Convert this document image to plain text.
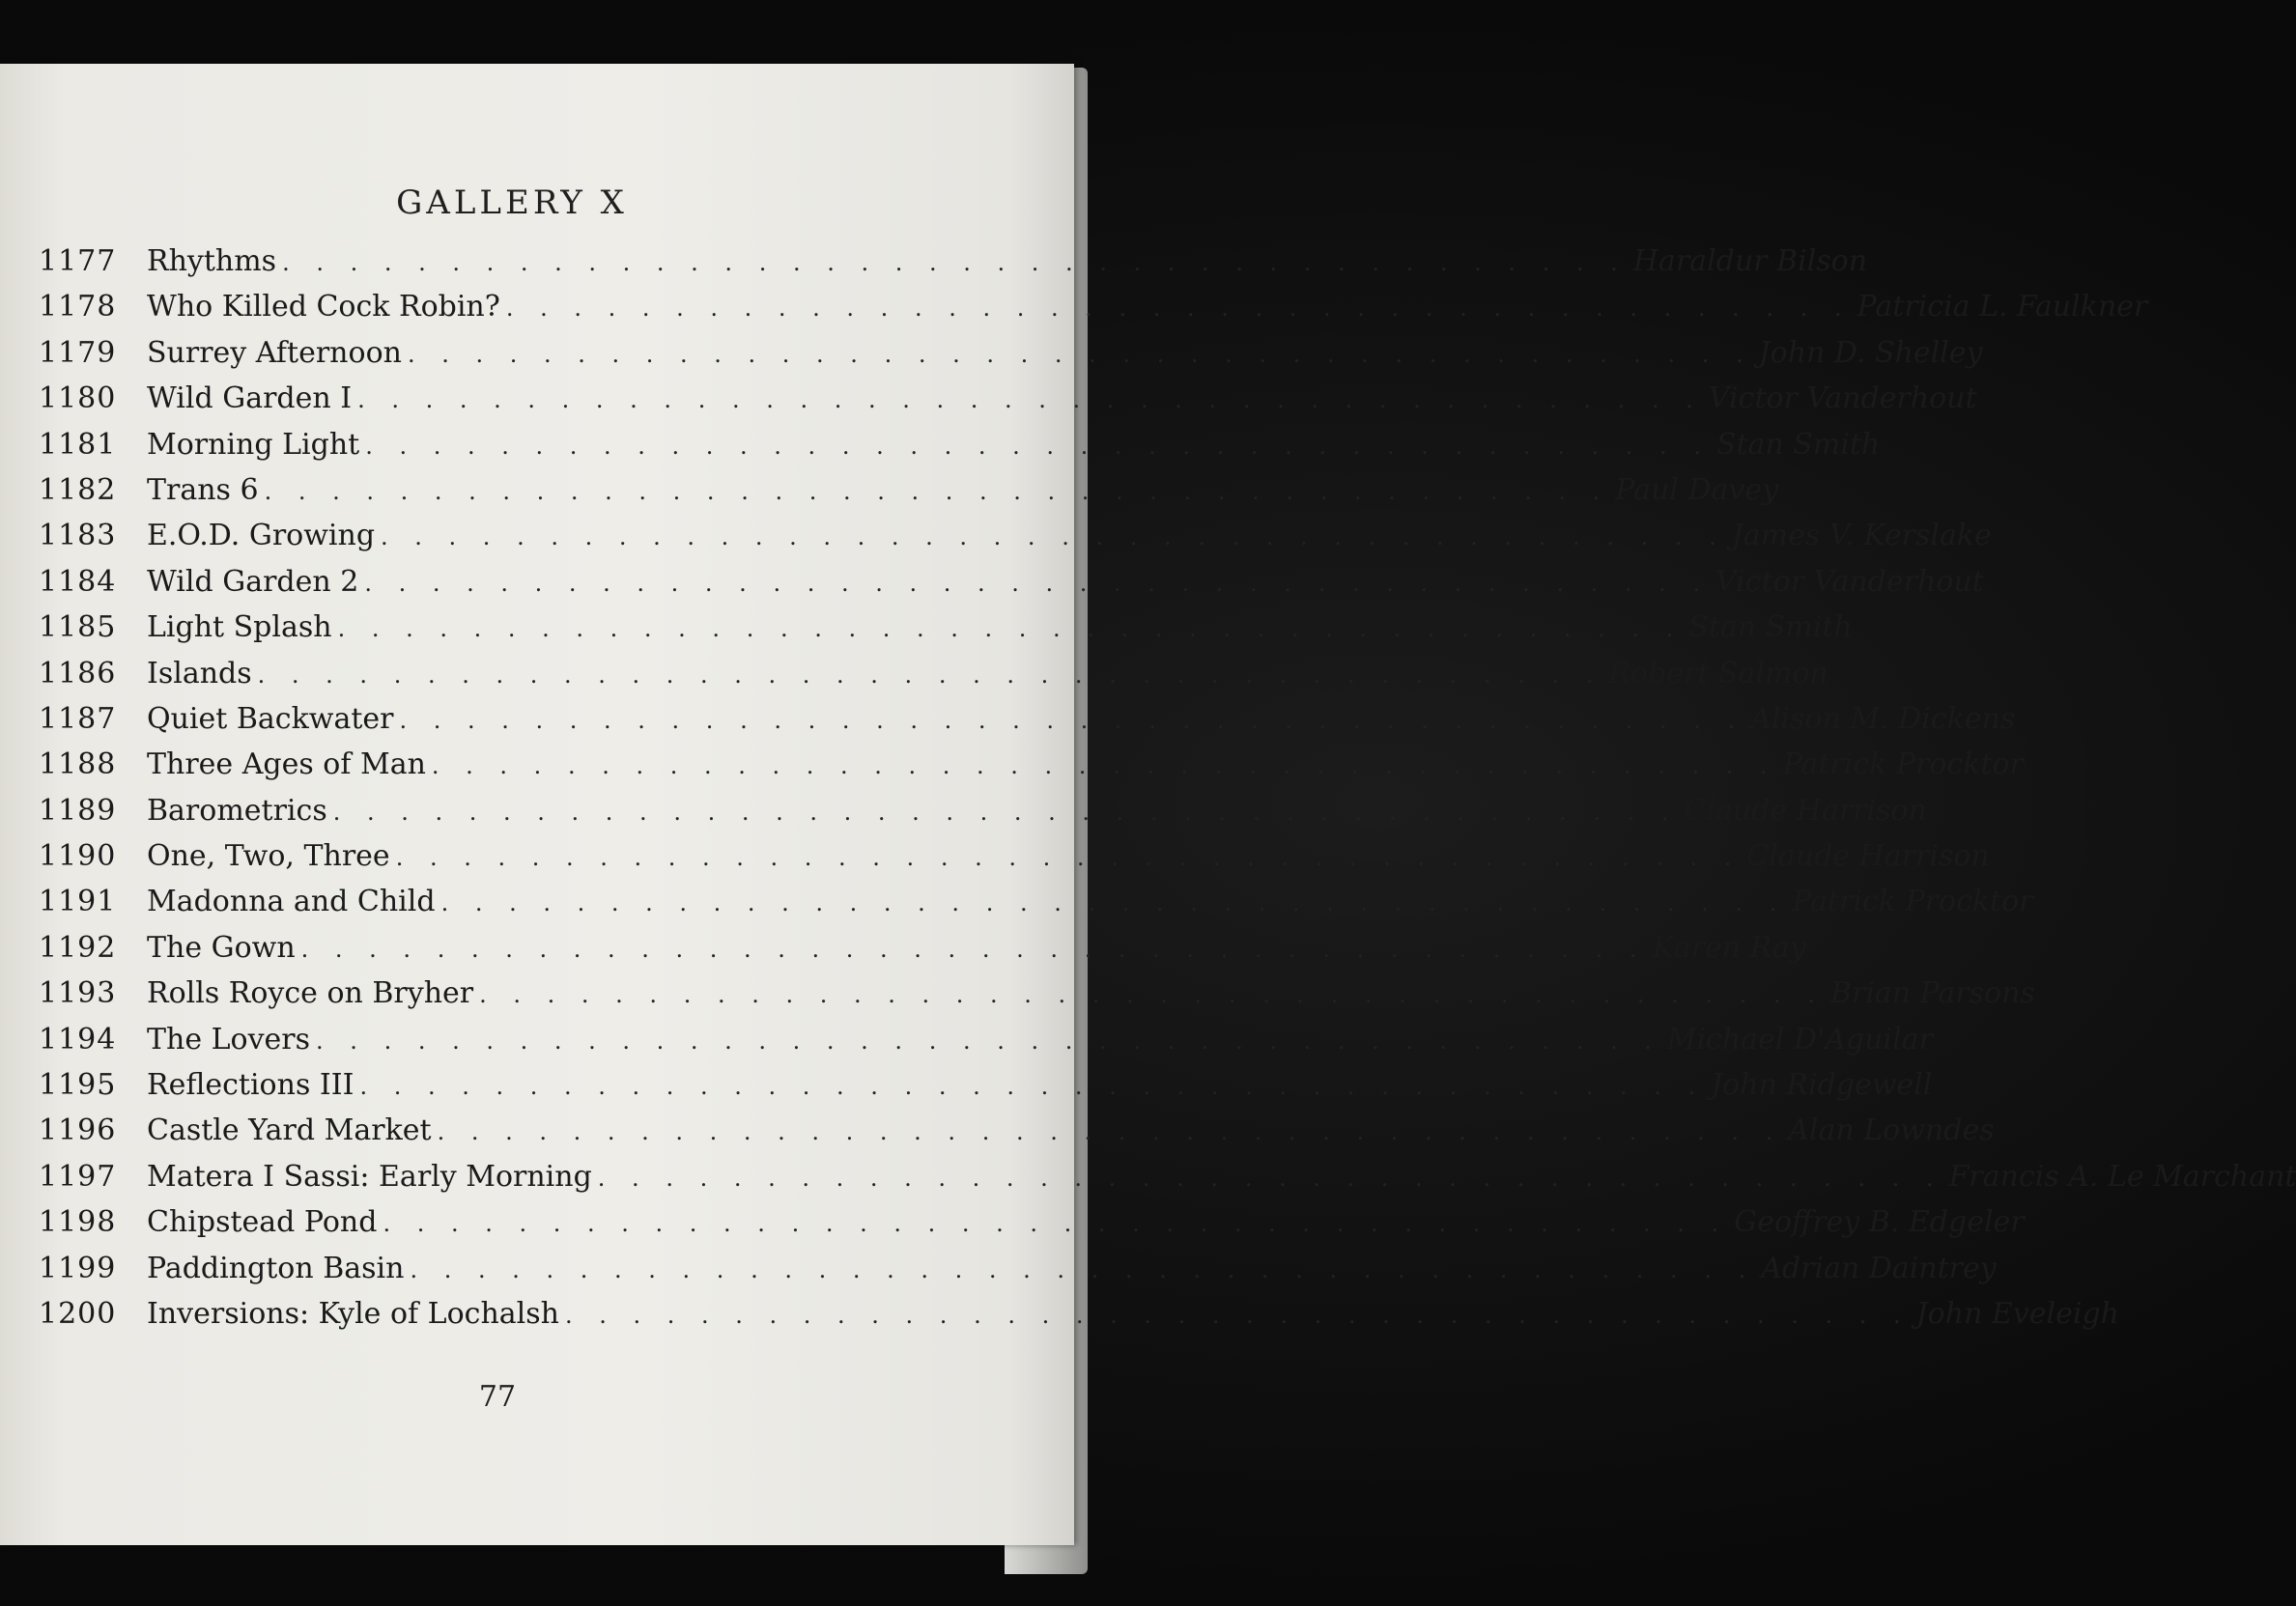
GALLERY X
1177	Rhythms . . . . . . . . . . . . . . . . . . . . . . . . . . . . . . . . . . . . . . . . Haraldur Bilson
1178	Who Killed Cock Robin? . . . . . . . . . . . . . . . . . . . . . . . . . . . . . . . . . . . . . . . . Patricia L. Faulkner
1179	Surrey Afternoon . . . . . . . . . . . . . . . . . . . . . . . . . . . . . . . . . . . . . . . . John D. Shelley
1180	Wild Garden I . . . . . . . . . . . . . . . . . . . . . . . . . . . . . . . . . . . . . . . . Victor Vanderhout
1181	Morning Light . . . . . . . . . . . . . . . . . . . . . . . . . . . . . . . . . . . . . . . . Stan Smith
1182	Trans 6 . . . . . . . . . . . . . . . . . . . . . . . . . . . . . . . . . . . . . . . . Paul Davey
1183	E.O.D. Growing . . . . . . . . . . . . . . . . . . . . . . . . . . . . . . . . . . . . . . . . James V. Kerslake
1184	Wild Garden 2 . . . . . . . . . . . . . . . . . . . . . . . . . . . . . . . . . . . . . . . . Victor Vanderhout
1185	Light Splash . . . . . . . . . . . . . . . . . . . . . . . . . . . . . . . . . . . . . . . . Stan Smith
1186	Islands . . . . . . . . . . . . . . . . . . . . . . . . . . . . . . . . . . . . . . . . Robert Salmon
1187	Quiet Backwater . . . . . . . . . . . . . . . . . . . . . . . . . . . . . . . . . . . . . . . . Alison M. Dickens
1188	Three Ages of Man . . . . . . . . . . . . . . . . . . . . . . . . . . . . . . . . . . . . . . . . Patrick Procktor
1189	Barometrics . . . . . . . . . . . . . . . . . . . . . . . . . . . . . . . . . . . . . . . . Claude Harrison
1190	One, Two, Three . . . . . . . . . . . . . . . . . . . . . . . . . . . . . . . . . . . . . . . . Claude Harrison
1191	Madonna and Child . . . . . . . . . . . . . . . . . . . . . . . . . . . . . . . . . . . . . . . . Patrick Procktor
1192	The Gown . . . . . . . . . . . . . . . . . . . . . . . . . . . . . . . . . . . . . . . . Karen Ray
1193	Rolls Royce on Bryher . . . . . . . . . . . . . . . . . . . . . . . . . . . . . . . . . . . . . . . . Brian Parsons
1194	The Lovers . . . . . . . . . . . . . . . . . . . . . . . . . . . . . . . . . . . . . . . . Michael D'Aguilar
1195	Reflections III . . . . . . . . . . . . . . . . . . . . . . . . . . . . . . . . . . . . . . . . John Ridgewell
1196	Castle Yard Market . . . . . . . . . . . . . . . . . . . . . . . . . . . . . . . . . . . . . . . . Alan Lowndes
1197	Matera I Sassi: Early Morning . . . . . . . . . . . . . . . . . . . . . . . . . . . . . . . . . . . . . . . . Francis A. Le Marchant
1198	Chipstead Pond . . . . . . . . . . . . . . . . . . . . . . . . . . . . . . . . . . . . . . . . Geoffrey B. Edgeler
1199	Paddington Basin . . . . . . . . . . . . . . . . . . . . . . . . . . . . . . . . . . . . . . . . Adrian Daintrey
1200	Inversions: Kyle of Lochalsh . . . . . . . . . . . . . . . . . . . . . . . . . . . . . . . . . . . . . . . . John Eveleigh
77
